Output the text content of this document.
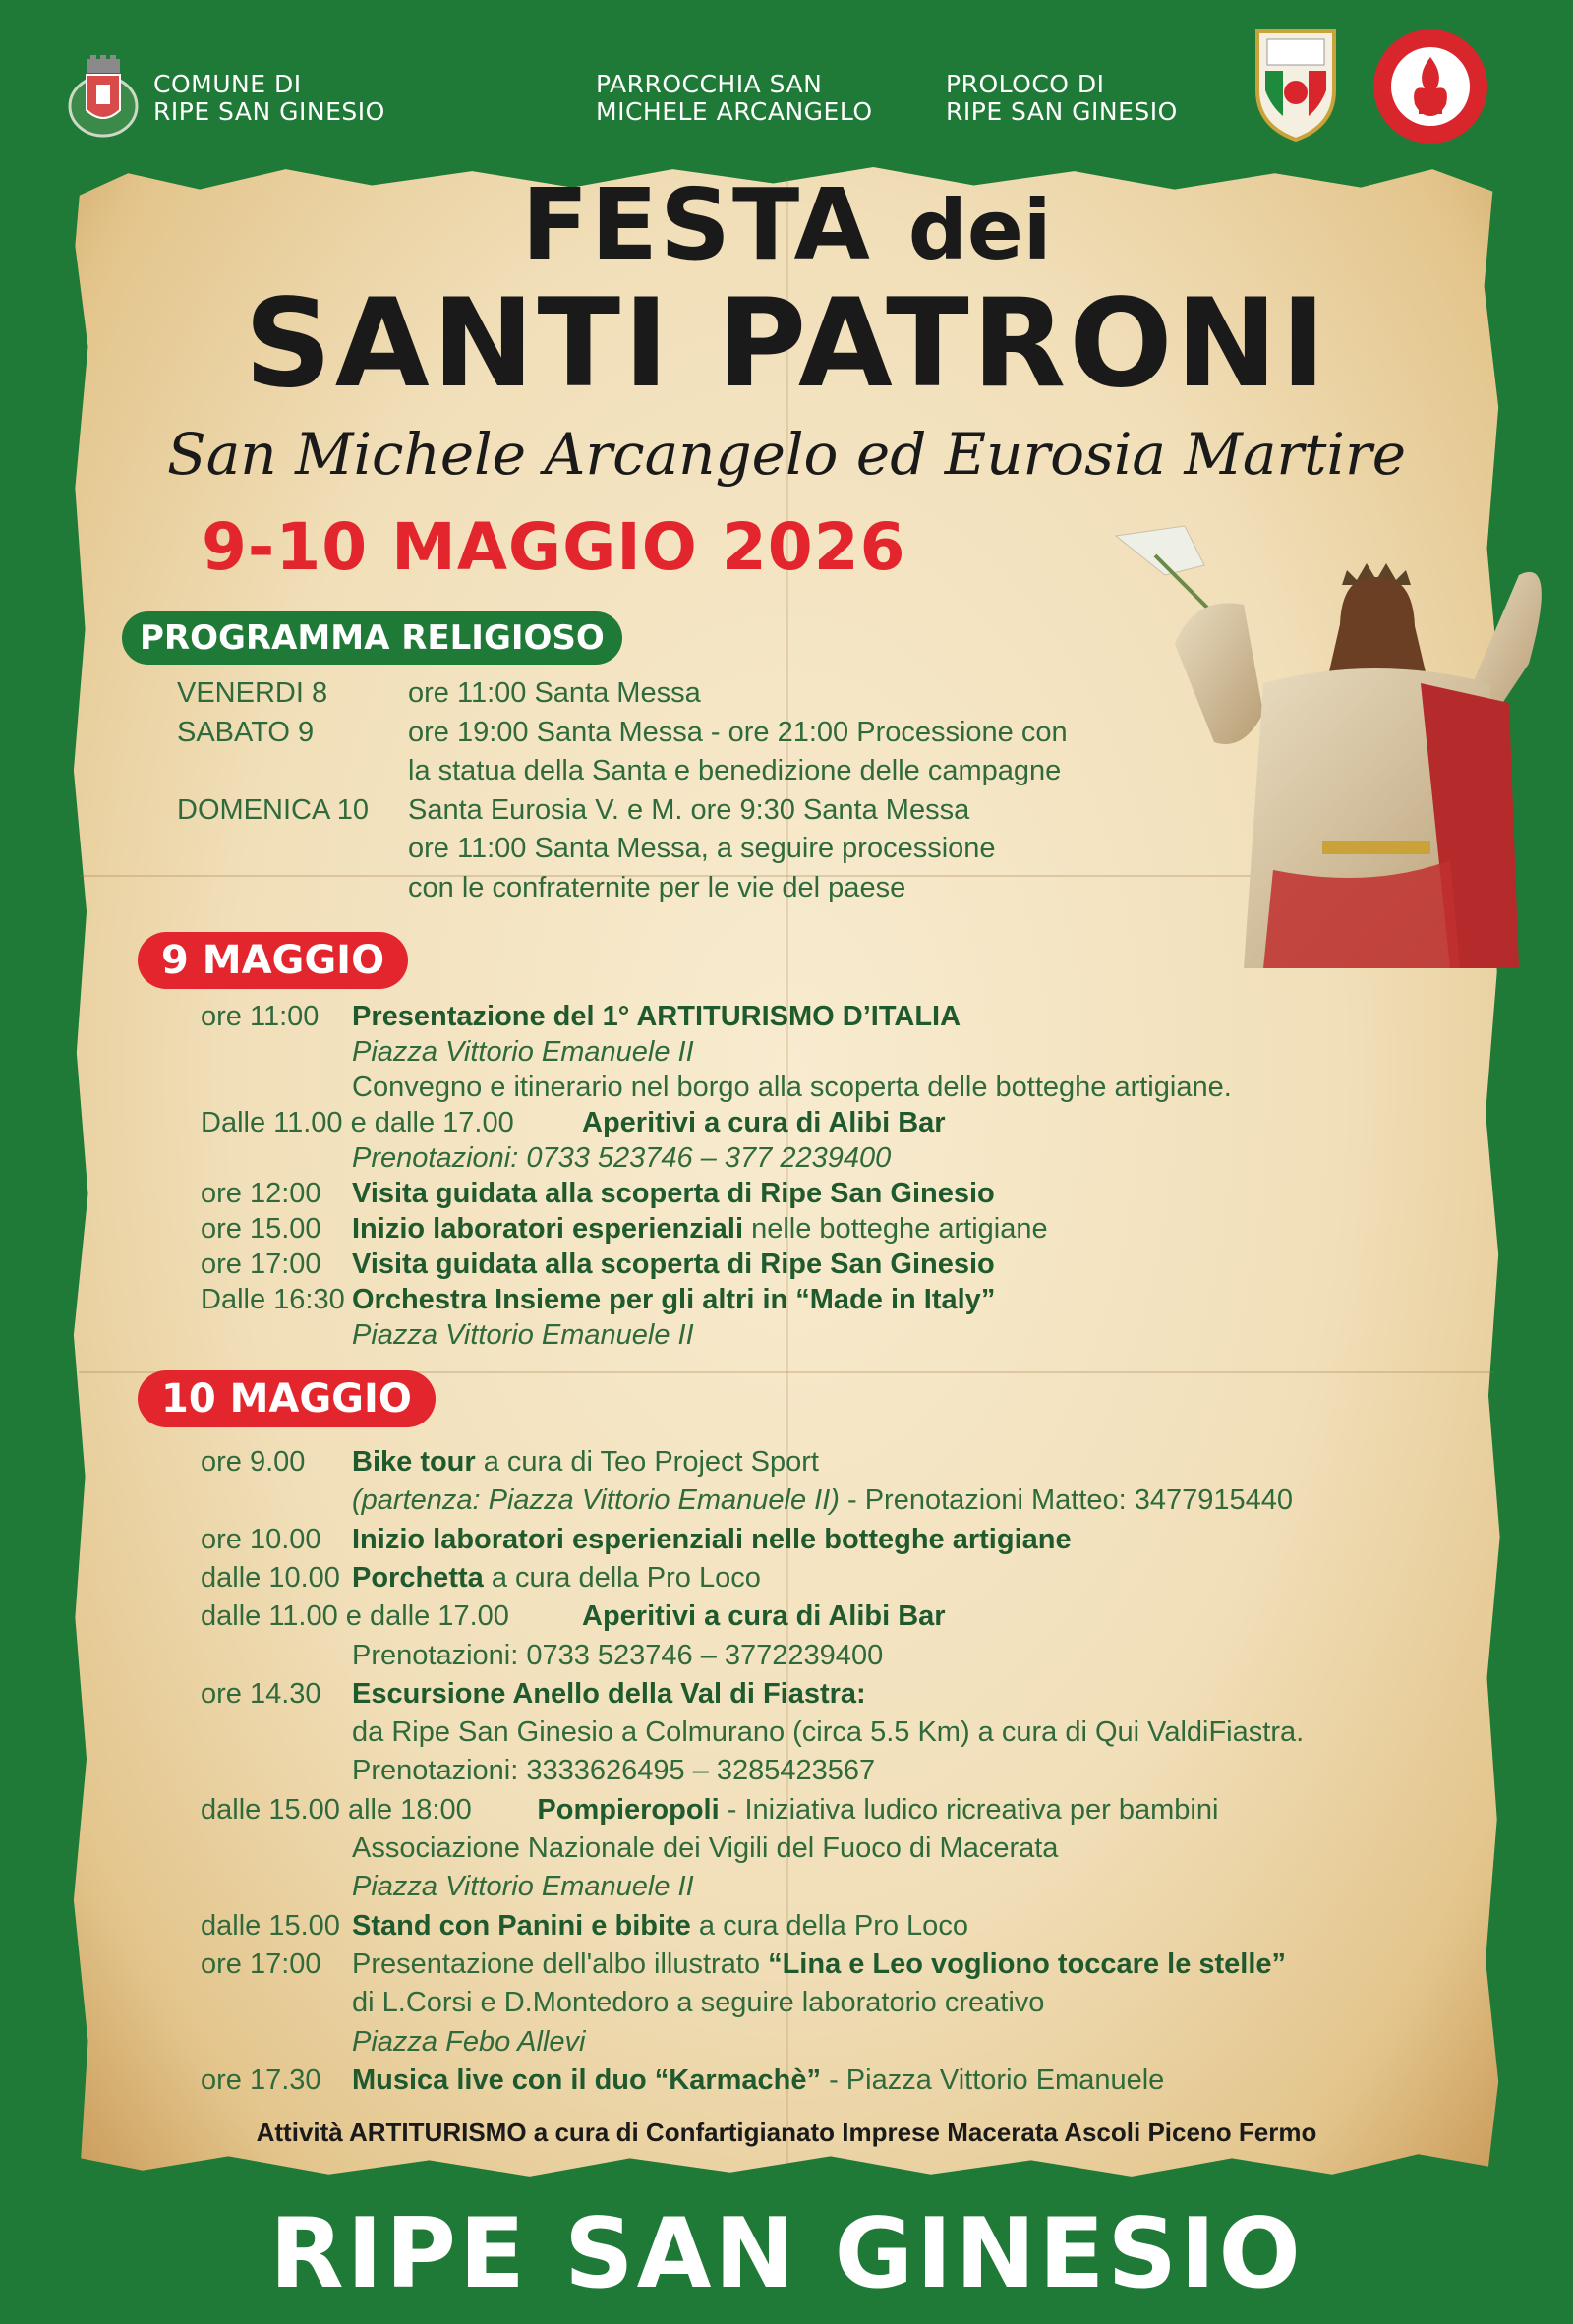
COMUNE DI
RIPE SAN GINESIO
PARROCCHIA SAN
MICHELE ARCANGELO
PROLOCO DI
RIPE SAN GINESIO
FESTA dei
SANTI PATRONI
San Michele Arcangelo ed Eurosia Martire
9-10 MAGGIO 2026
PROGRAMMA RELIGIOSO
VENERDI 8	ore 11:00 Santa Messa
SABATO 9	ore 19:00 Santa Messa - ore 21:00 Processione con
la statua della Santa e benedizione delle campagne
DOMENICA 10 Santa Eurosia V. e M. ore 9:30 Santa Messa
ore 11:00 Santa Messa, a seguire processione
con le confraternite per le vie del paese
9 MAGGIO
ore 11:00 Presentazione del 1° ARTITURISMO D’ITALIA
Piazza Vittorio Emanuele II
Convegno e itinerario nel borgo alla scoperta delle botteghe artigiane.
Dalle 11.00 e dalle 17.00 Aperitivi a cura di Alibi Bar
Prenotazioni: 0733 523746 – 377 2239400
ore 12:00 Visita guidata alla scoperta di Ripe San Ginesio
ore 15.00 Inizio laboratori esperienziali nelle botteghe artigiane
ore 17:00 Visita guidata alla scoperta di Ripe San Ginesio
Dalle 16:30 Orchestra Insieme per gli altri in “Made in Italy”
Piazza Vittorio Emanuele II
10 MAGGIO
ore 9.00 Bike tour a cura di Teo Project Sport
(partenza: Piazza Vittorio Emanuele II) - Prenotazioni Matteo: 3477915440
ore 10.00 Inizio laboratori esperienziali nelle botteghe artigiane
dalle 10.00 Porchetta a cura della Pro Loco
dalle 11.00 e dalle 17.00	Aperitivi a cura di Alibi Bar
Prenotazioni: 0733 523746 – 3772239400
ore 14.30 Escursione Anello della Val di Fiastra:
da Ripe San Ginesio a Colmurano (circa 5.5 Km) a cura di Qui ValdiFiastra.
Prenotazioni: 3333626495 – 3285423567
dalle 15.00 alle 18:00 Pompieropoli - Iniziativa ludico ricreativa per bambini
Associazione Nazionale dei Vigili del Fuoco di Macerata
Piazza Vittorio Emanuele II
dalle 15.00 Stand con Panini e bibite a cura della Pro Loco
ore 17:00 Presentazione dell'albo illustrato “Lina e Leo vogliono toccare le stelle”
di L.Corsi e D.Montedoro a seguire laboratorio creativo
Piazza Febo Allevi
ore 17.30 Musica live con il duo “Karmachè” - Piazza Vittorio Emanuele
Attività ARTITURISMO a cura di Confartigianato Imprese Macerata Ascoli Piceno Fermo
RIPE SAN GINESIO
